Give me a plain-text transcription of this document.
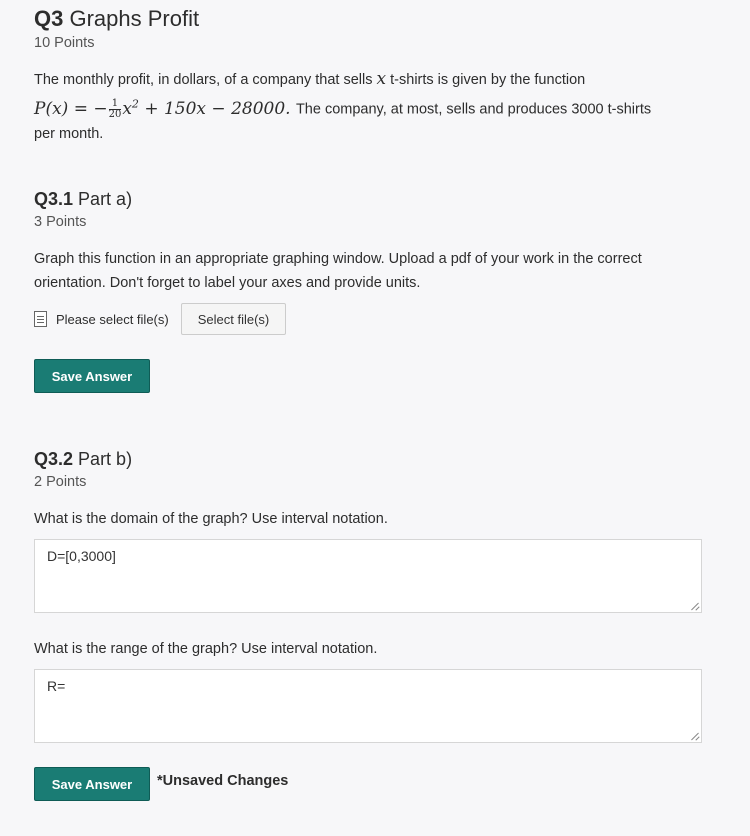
Q3 Graphs Profit
10 Points
The monthly profit, in dollars, of a company that sells x t-shirts is given by the function
P(x) = − $\frac{1}{20} x^2 + 150x - 28000$. The company, at most, sells and produces 3000 t-shirts
per month.
Q3.1 Part a)
3 Points
Graph this function in an appropriate graphing window. Upload a pdf of your work in the correct
orientation. Don't forget to label your axes and provide units.
Please select file(s)	Select file(s)
Save Answer
Q3.2 Part b)
2 Points
What is the domain of the graph? Use interval notation.
D=[0,3000]
What is the range of the graph? Use interval notation.
R=
Save Answer	*Unsaved Changes
